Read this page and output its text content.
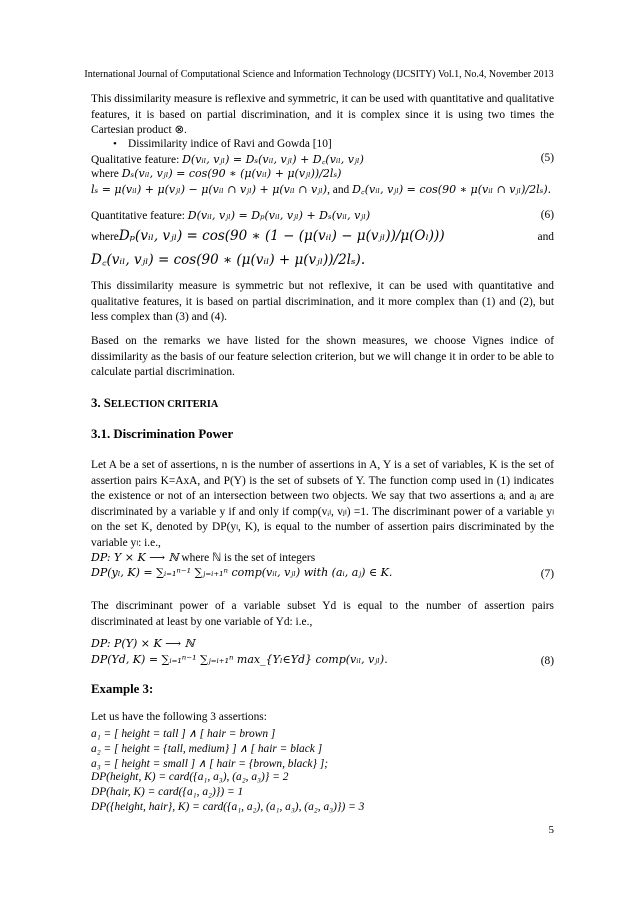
International Journal of Computational Science and Information Technology (IJCSITY) Vol.1, No.4, November 2013
This dissimilarity measure is reflexive and symmetric, it can be used with quantitative and qualitative features, it is based on partial discrimination, and it is complex since it is using two times the Cartesian product ⊗.
• Dissimilarity indice of Ravi and Gowda [10]
Qualitative feature: D(vᵢₗ, vⱼₗ) = Dₛ(vᵢₗ, vⱼₗ) + D꜀(vᵢₗ, vⱼₗ)	(5)
where Dₛ(vᵢₗ, vⱼₗ) = cos(90 ∗ (μ(vᵢₗ) + μ(vⱼₗ))/2lₛ)
lₛ = μ(vᵢₗ) + μ(vⱼₗ) − μ(vᵢₗ ∩ vⱼₗ) + μ(vᵢₗ ∩ vⱼₗ), and D꜀(vᵢₗ, vⱼₗ) = cos(90 ∗ μ(vᵢₗ ∩ vⱼₗ)/2lₛ).
Quantitative feature: D(vᵢₗ, vⱼₗ) = Dₚ(vᵢₗ, vⱼₗ) + Dₛ(vᵢₗ, vⱼₗ)	(6)
whereDₚ(vᵢₗ, vⱼₗ) = cos(90 ∗ (1 − (μ(vᵢₗ) − μ(vⱼₗ))/μ(Oₗ)))	and
D꜀(vᵢₗ, vⱼₗ) = cos(90 ∗ (μ(vᵢₗ) + μ(vⱼₗ))/2lₛ).
This dissimilarity measure is symmetric but not reflexive, it can be used with quantitative and qualitative features, it is based on partial discrimination, and it more complex than (1) and (2), but less complex than (3) and (4).
Based on the remarks we have listed for the shown measures, we choose Vignes indice of dissimilarity as the basis of our feature selection criterion, but we will change it in order to be able to calculate partial discrimination.
3. SELECTION CRITERIA
3.1. Discrimination Power
Let A be a set of assertions, n is the number of assertions in A, Y is a set of variables, K is the set of assertion pairs K=AxA, and P(Y) is the set of subsets of Y. The function comp used in (1) indicates the existence or not of an intersection between two objects. We say that two assertions aᵢ and aⱼ are discriminated by a variable y if and only if comp(vᵢₗ, vⱼₗ) =1. The discriminant power of a variable yₗ on the set K, denoted by DP(yₗ, K), is equal to the number of assertion pairs discriminated by the variable yₗ: i.e.,
DP: Y × K ⟶ ℕ where ℕ is the set of integers
DP(yₗ, K) = ∑ᵢ₌₁ⁿ⁻¹ ∑ⱼ₌ᵢ₊₁ⁿ comp(vᵢₗ, vⱼₗ) with (aᵢ, aⱼ) ∈ K.	(7)
The discriminant power of a variable subset Yd is equal to the number of assertion pairs discriminated at least by one variable of Yd: i.e.,
DP: P(Y) × K ⟶ ℕ
DP(Yd, K) = ∑ᵢ₌₁ⁿ⁻¹ ∑ⱼ₌ᵢ₊₁ⁿ max_{Yₗ∈Yd} comp(vᵢₗ, vⱼₗ).	(8)
Example 3:
Let us have the following 3 assertions:
a₁ = [ height = tall ] ∧ [ hair = brown ]
a₂ = [ height = {tall, medium} ] ∧ [ hair = black ]
a₃ = [ height = small ] ∧ [ hair = {brown, black} ];
DP(height, K) = card({a₁, a₃), (a₂, a₃)} = 2
DP(hair, K) = card({a₁, a₂)}) = 1
DP({height, hair}, K) = card({a₁, a₂), (a₁, a₃), (a₂, a₃)}) = 3
5
